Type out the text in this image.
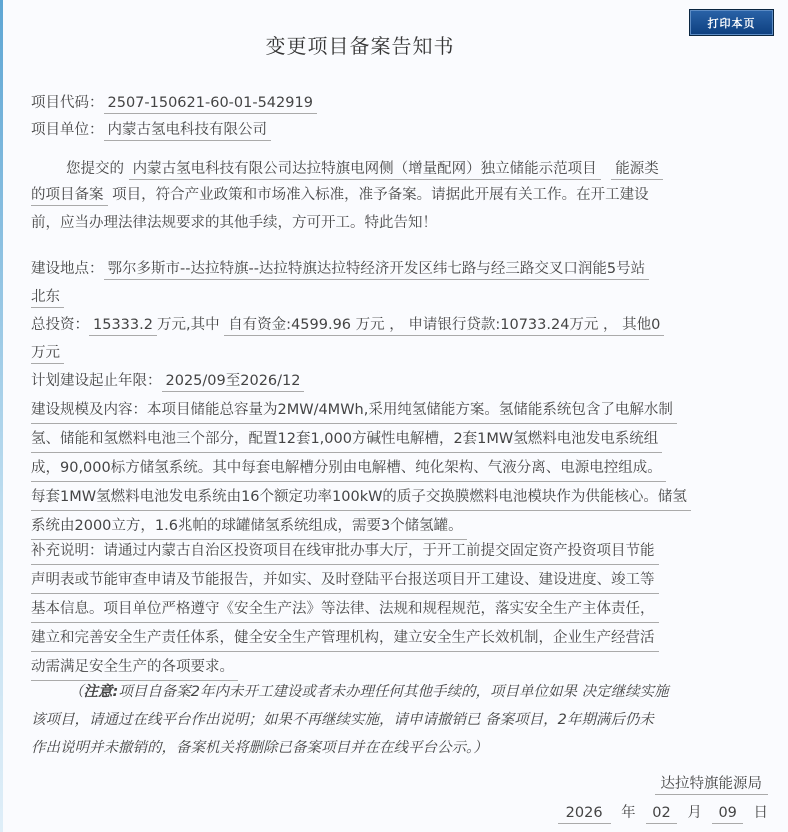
打印本页
变更项目备案告知书
项目代码： 2507-150621-60-01-542919
项目单位： 内蒙古氢电科技有限公司
您提交的 内蒙古氢电科技有限公司达拉特旗电网侧（增量配网）独立储能示范项目 能源类
的项目备案 项目，符合产业政策和市场准入标准，准予备案。请据此开展有关工作。在开工建设
前，应当办理法律法规要求的其他手续，方可开工。特此告知！
建设地点： 鄂尔多斯市--达拉特旗--达拉特旗达拉特经济开发区纬七路与经三路交叉口润能5号站
北东
总投资： 15333.2 万元,其中 自有资金:4599.96 万元 ， 申请银行贷款:10733.24万元 ， 其他0
万元
计划建设起止年限： 2025/09至2026/12
建设规模及内容：本项目储能总容量为2MW/4MWh,采用纯氢储能方案。氢储能系统包含了电解水制
氢、储能和氢燃料电池三个部分，配置12套1,000方碱性电解槽，2套1MW氢燃料电池发电系统组
成，90,000标方储氢系统。其中每套电解槽分别由电解槽、纯化架构、气液分离、电源电控组成。
每套1MW氢燃料电池发电系统由16个额定功率100kW的质子交换膜燃料电池模块作为供能核心。储氢
系统由2000立方，1.6兆帕的球罐储氢系统组成，需要3个储氢罐。
补充说明：请通过内蒙古自治区投资项目在线审批办事大厅，于开工前提交固定资产投资项目节能
声明表或节能审查申请及节能报告，并如实、及时登陆平台报送项目开工建设、建设进度、竣工等
基本信息。项目单位严格遵守《安全生产法》等法律、法规和规程规范，落实安全生产主体责任，
建立和完善安全生产责任体系，健全安全生产管理机构，建立安全生产长效机制，企业生产经营活
动需满足安全生产的各项要求。
（注意:项目自备案2年内未开工建设或者未办理任何其他手续的，项目单位如果 决定继续实施
该项目，请通过在线平台作出说明；如果不再继续实施，请申请撤销已 备案项目，2年期满后仍未
作出说明并未撤销的，备案机关将删除已备案项目并在在线平台公示。）
达拉特旗能源局
2026 年 02 月 09 日
